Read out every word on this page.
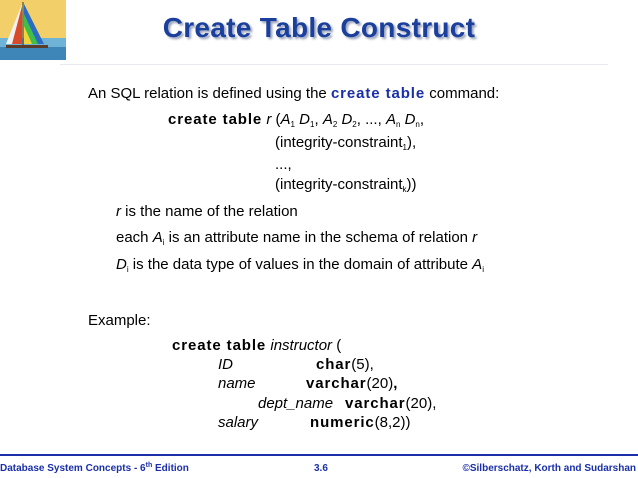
Create Table Construct
An SQL relation is defined using the create table command:
create table r ($A_1$ $D_1$, $A_2$ $D_2$, ..., $A_n$ $D_n$,
(integrity-constraint$_1$),
...,
(integrity-constraint$_k$))
r is the name of the relation
each $A_i$ is an attribute name in the schema of relation r
$D_i$ is the data type of values in the domain of attribute $A_i$
Example:
create table instructor (
ID	char(5),
name	varchar(20),
dept_name varchar(20),
salary	numeric(8,2))
Database System Concepts - 6th Edition	3.6	©Silberschatz, Korth and Sudarshan
